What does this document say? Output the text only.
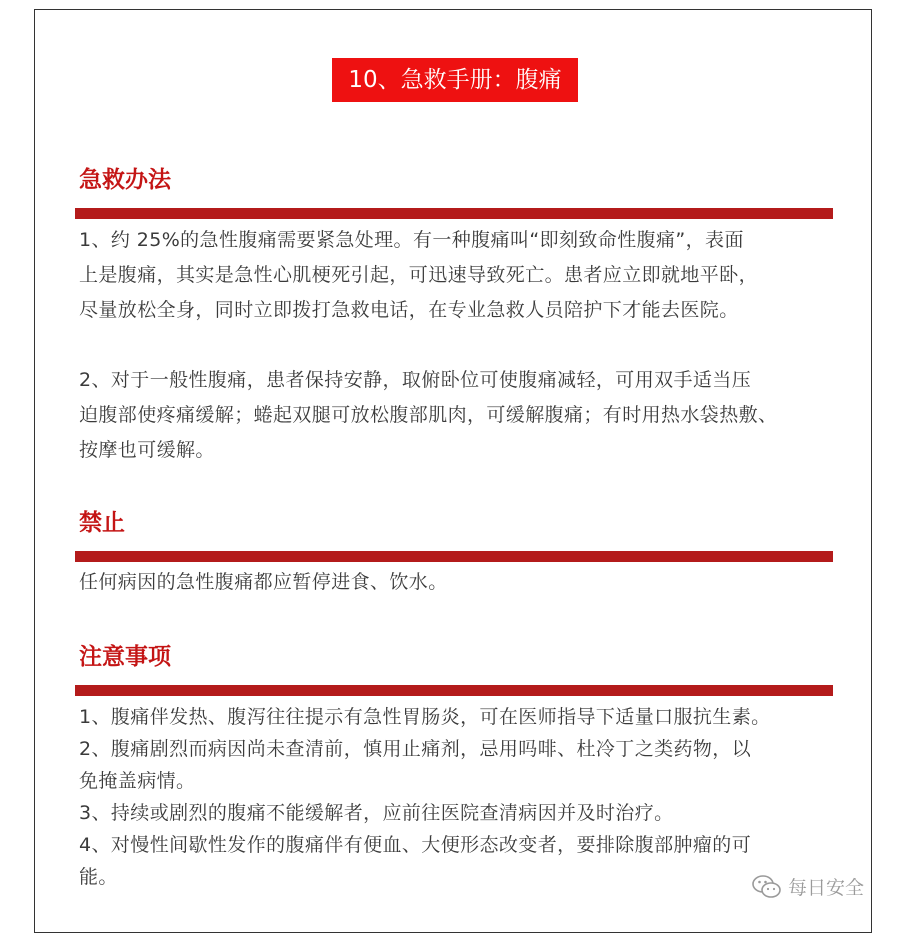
10、急救手册：腹痛
急救办法

1、约 25%的急性腹痛需要紧急处理。有一种腹痛叫“即刻致命性腹痛”，表面
上是腹痛，其实是急性心肌梗死引起，可迅速导致死亡。患者应立即就地平卧，
尽量放松全身，同时立即拨打急救电话，在专业急救人员陪护下才能去医院。

2、对于一般性腹痛，患者保持安静，取俯卧位可使腹痛减轻，可用双手适当压
迫腹部使疼痛缓解；蜷起双腿可放松腹部肌肉，可缓解腹痛；有时用热水袋热敷、
按摩也可缓解。

禁止

任何病因的急性腹痛都应暂停进食、饮水。

注意事项

1、腹痛伴发热、腹泻往往提示有急性胃肠炎，可在医师指导下适量口服抗生素。
2、腹痛剧烈而病因尚未查清前，慎用止痛剂，忌用吗啡、杜冷丁之类药物，以
免掩盖病情。
3、持续或剧烈的腹痛不能缓解者，应前往医院查清病因并及时治疗。
4、对慢性间歇性发作的腹痛伴有便血、大便形态改变者，要排除腹部肿瘤的可
能。	每日安全
